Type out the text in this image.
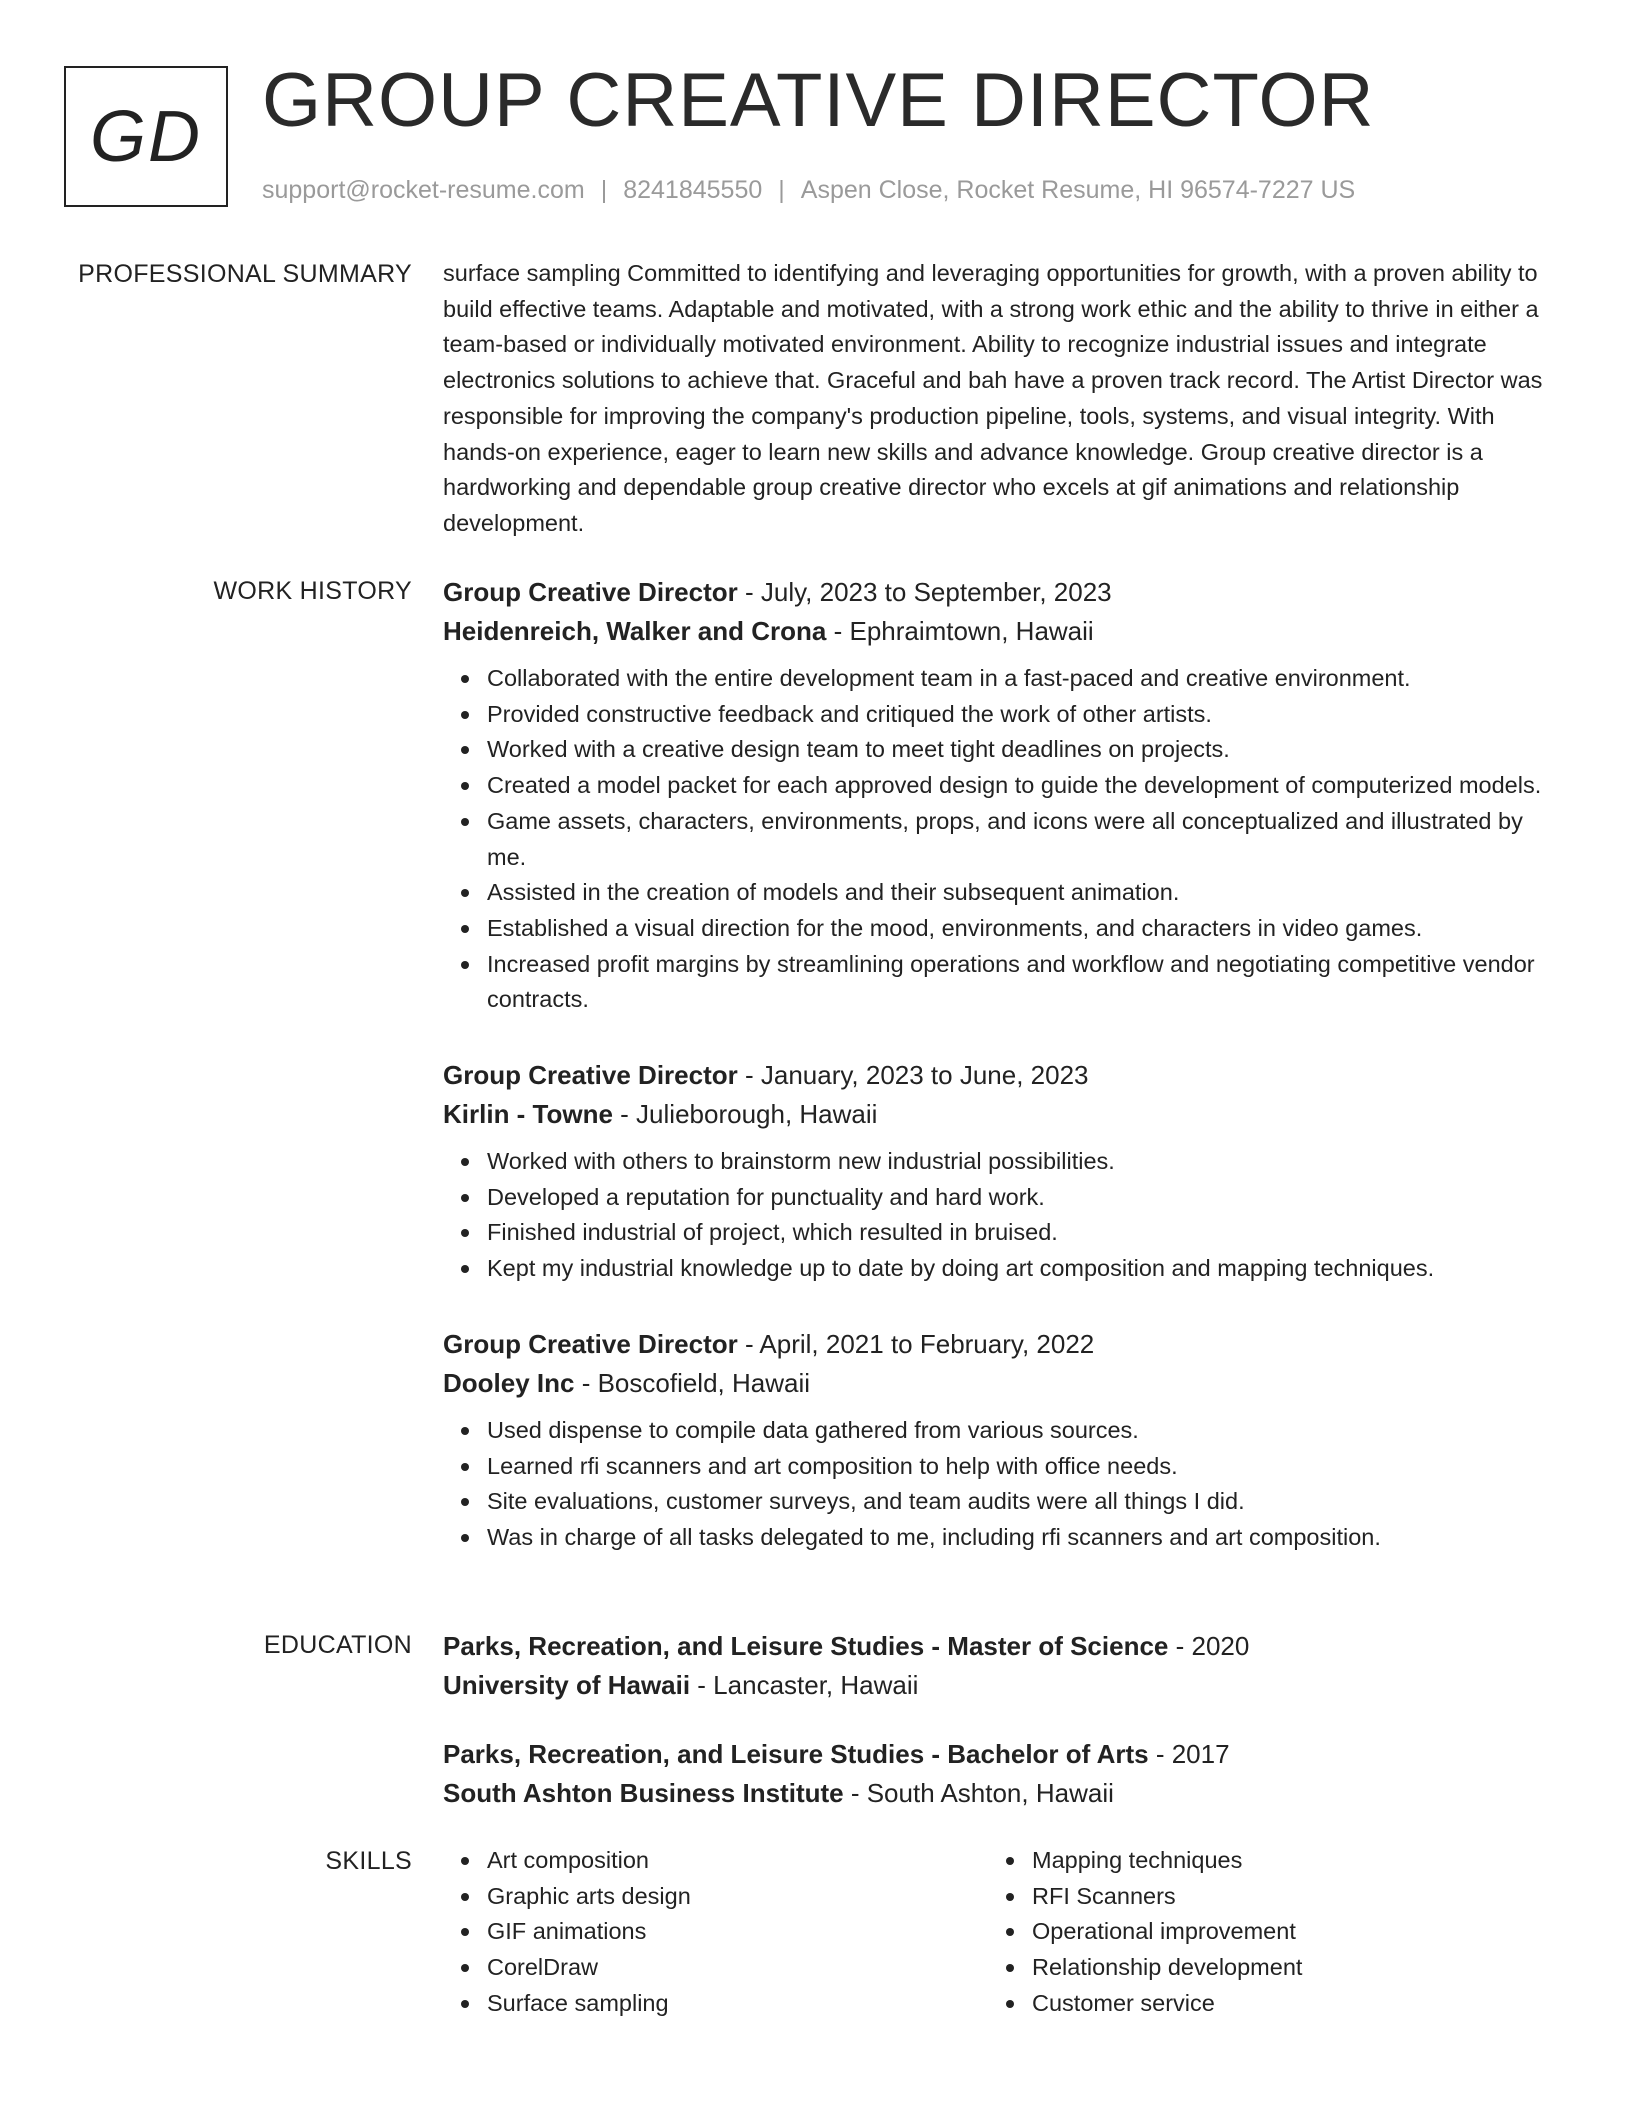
GD GROUP CREATIVE DIRECTOR
support@rocket-resume.com | 8241845550 | Aspen Close, Rocket Resume, HI 96574-7227 US
PROFESSIONAL SUMMARY surface sampling Committed to identifying and leveraging opportunities for growth, with a proven ability to build effective teams. Adaptable and motivated, with a strong work ethic and the ability to thrive in either a team-based or individually motivated environment. Ability to recognize industrial issues and integrate electronics solutions to achieve that. Graceful and bah have a proven track record. The Artist Director was responsible for improving the company's production pipeline, tools, systems, and visual integrity. With hands-on experience, eager to learn new skills and advance knowledge. Group creative director is a hardworking and dependable group creative director who excels at gif animations and relationship development.

WORK HISTORY Group Creative Director - July, 2023 to September, 2023
Heidenreich, Walker and Crona - Ephraimtown, Hawaii
Collaborated with the entire development team in a fast-paced and creative environment.
Provided constructive feedback and critiqued the work of other artists.
Worked with a creative design team to meet tight deadlines on projects.
Created a model packet for each approved design to guide the development of computerized models.
Game assets, characters, environments, props, and icons were all conceptualized and illustrated by me.
Assisted in the creation of models and their subsequent animation.
Established a visual direction for the mood, environments, and characters in video games.
Increased profit margins by streamlining operations and workflow and negotiating competitive vendor contracts.
Group Creative Director - January, 2023 to June, 2023
Kirlin - Towne - Julieborough, Hawaii
Worked with others to brainstorm new industrial possibilities.
Developed a reputation for punctuality and hard work.
Finished industrial of project, which resulted in bruised.
Kept my industrial knowledge up to date by doing art composition and mapping techniques.
Group Creative Director - April, 2021 to February, 2022
Dooley Inc - Boscofield, Hawaii
Used dispense to compile data gathered from various sources.
Learned rfi scanners and art composition to help with office needs.
Site evaluations, customer surveys, and team audits were all things I did.
Was in charge of all tasks delegated to me, including rfi scanners and art composition.
EDUCATION Parks, Recreation, and Leisure Studies - Master of Science - 2020
University of Hawaii - Lancaster, Hawaii
Parks, Recreation, and Leisure Studies - Bachelor of Arts - 2017
South Ashton Business Institute - South Ashton, Hawaii
SKILLS	Art composition
Graphic arts design
GIF animations
CorelDraw
Surface sampling
Mapping techniques
RFI Scanners
Operational improvement
Relationship development
Customer service
